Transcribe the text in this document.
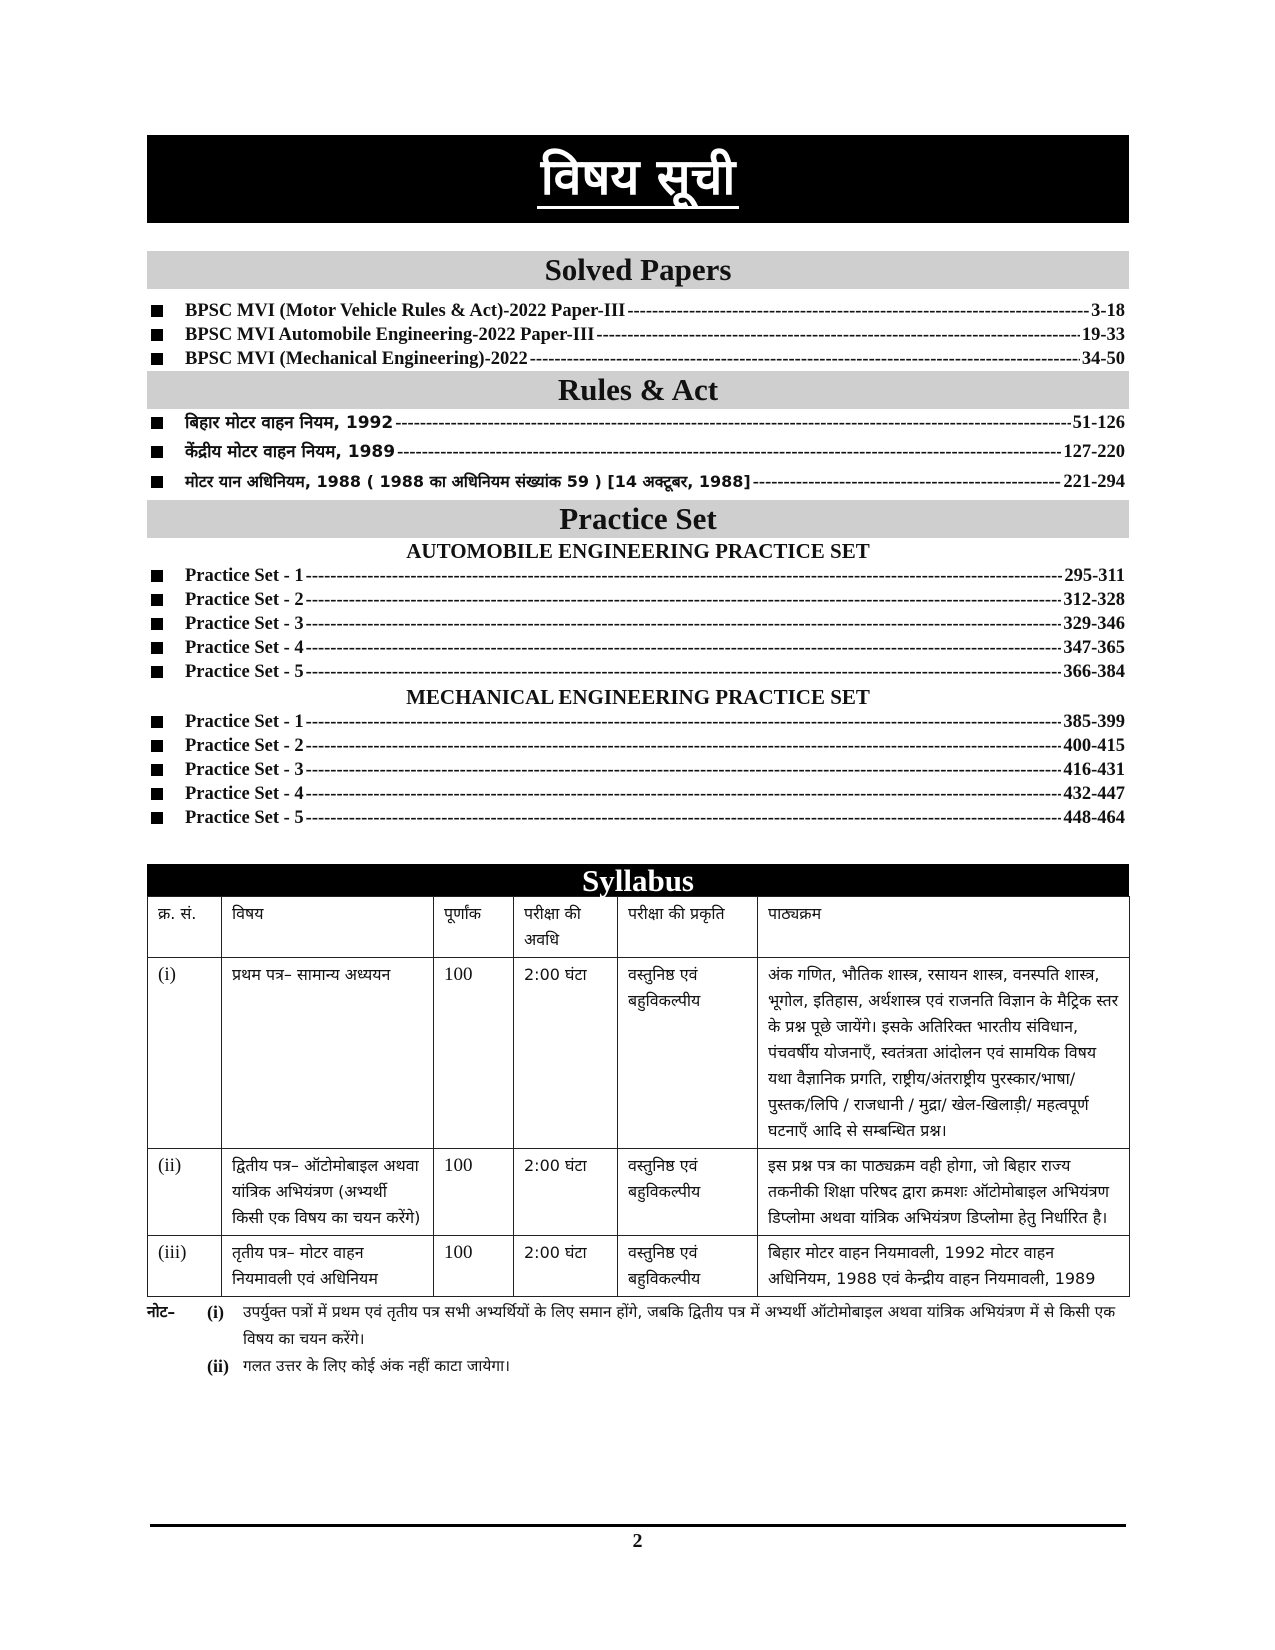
विषय सूची
Solved Papers
BPSC MVI (Motor Vehicle Rules & Act)-2022 Paper-III -----	3-18
BPSC MVI Automobile Engineering-2022 Paper-III -----	19-33
BPSC MVI (Mechanical Engineering)-2022 -----	34-50
Rules & Act
बिहार मोटर वाहन नियम, 1992 -----	51-126
केंद्रीय मोटर वाहन नियम, 1989 -----	127-220
मोटर यान अधिनियम, 1988 ( 1988 का अधिनियम संख्यांक 59 ) [14 अक्टूबर, 1988] -----	221-294
Practice Set
AUTOMOBILE ENGINEERING PRACTICE SET
Practice Set - 1 -----	295-311
Practice Set - 2 -----	312-328
Practice Set - 3 -----	329-346
Practice Set - 4 -----	347-365
Practice Set - 5 -----	366-384
MECHANICAL ENGINEERING PRACTICE SET
Practice Set - 1 -----	385-399
Practice Set - 2 -----	400-415
Practice Set - 3 -----	416-431
Practice Set - 4 -----	432-447
Practice Set - 5 -----	448-464
Syllabus
क्र. सं.	विषय	पूर्णांक	परीक्षा की अवधि	परीक्षा की प्रकृति	पाठ्यक्रम
(i)	प्रथम पत्र– सामान्य अध्ययन	100	2:00 घंटा	वस्तुनिष्ठ एवं बहुविकल्पीय	अंक गणित, भौतिक शास्त्र, रसायन शास्त्र, वनस्पति शास्त्र, भूगोल, इतिहास, अर्थशास्त्र एवं राजनति विज्ञान के मैट्रिक स्तर के प्रश्न पूछे जायेंगे। इसके अतिरिक्त भारतीय संविधान, पंचवर्षीय योजनाएँ, स्वतंत्रता आंदोलन एवं सामयिक विषय यथा वैज्ञानिक प्रगति, राष्ट्रीय/अंतराष्ट्रीय पुरस्कार/भाषा/ पुस्तक/लिपि / राजधानी / मुद्रा/ खेल-खिलाड़ी/ महत्वपूर्ण घटनाएँ आदि से सम्बन्धित प्रश्न।
(ii)	द्वितीय पत्र– ऑटोमोबाइल अथवा यांत्रिक अभियंत्रण (अभ्यर्थी किसी एक विषय का चयन करेंगे)	100	2:00 घंटा	वस्तुनिष्ठ एवं बहुविकल्पीय	इस प्रश्न पत्र का पाठ्यक्रम वही होगा, जो बिहार राज्य तकनीकी शिक्षा परिषद द्वारा क्रमशः ऑटोमोबाइल अभियंत्रण डिप्लोमा अथवा यांत्रिक अभियंत्रण डिप्लोमा हेतु निर्धारित है।
(iii)	तृतीय पत्र– मोटर वाहन नियमावली एवं अधिनियम	100	2:00 घंटा	वस्तुनिष्ठ एवं बहुविकल्पीय	बिहार मोटर वाहन नियमावली, 1992 मोटर वाहन अधिनियम, 1988 एवं केन्द्रीय वाहन नियमावली, 1989
नोट–	(i)	उपर्युक्त पत्रों में प्रथम एवं तृतीय पत्र सभी अभ्यर्थियों के लिए समान होंगे, जबकि द्वितीय पत्र में अभ्यर्थी ऑटोमोबाइल अथवा यांत्रिक अभियंत्रण में से किसी एक विषय का चयन करेंगे।
(ii) गलत उत्तर के लिए कोई अंक नहीं काटा जायेगा।
2
